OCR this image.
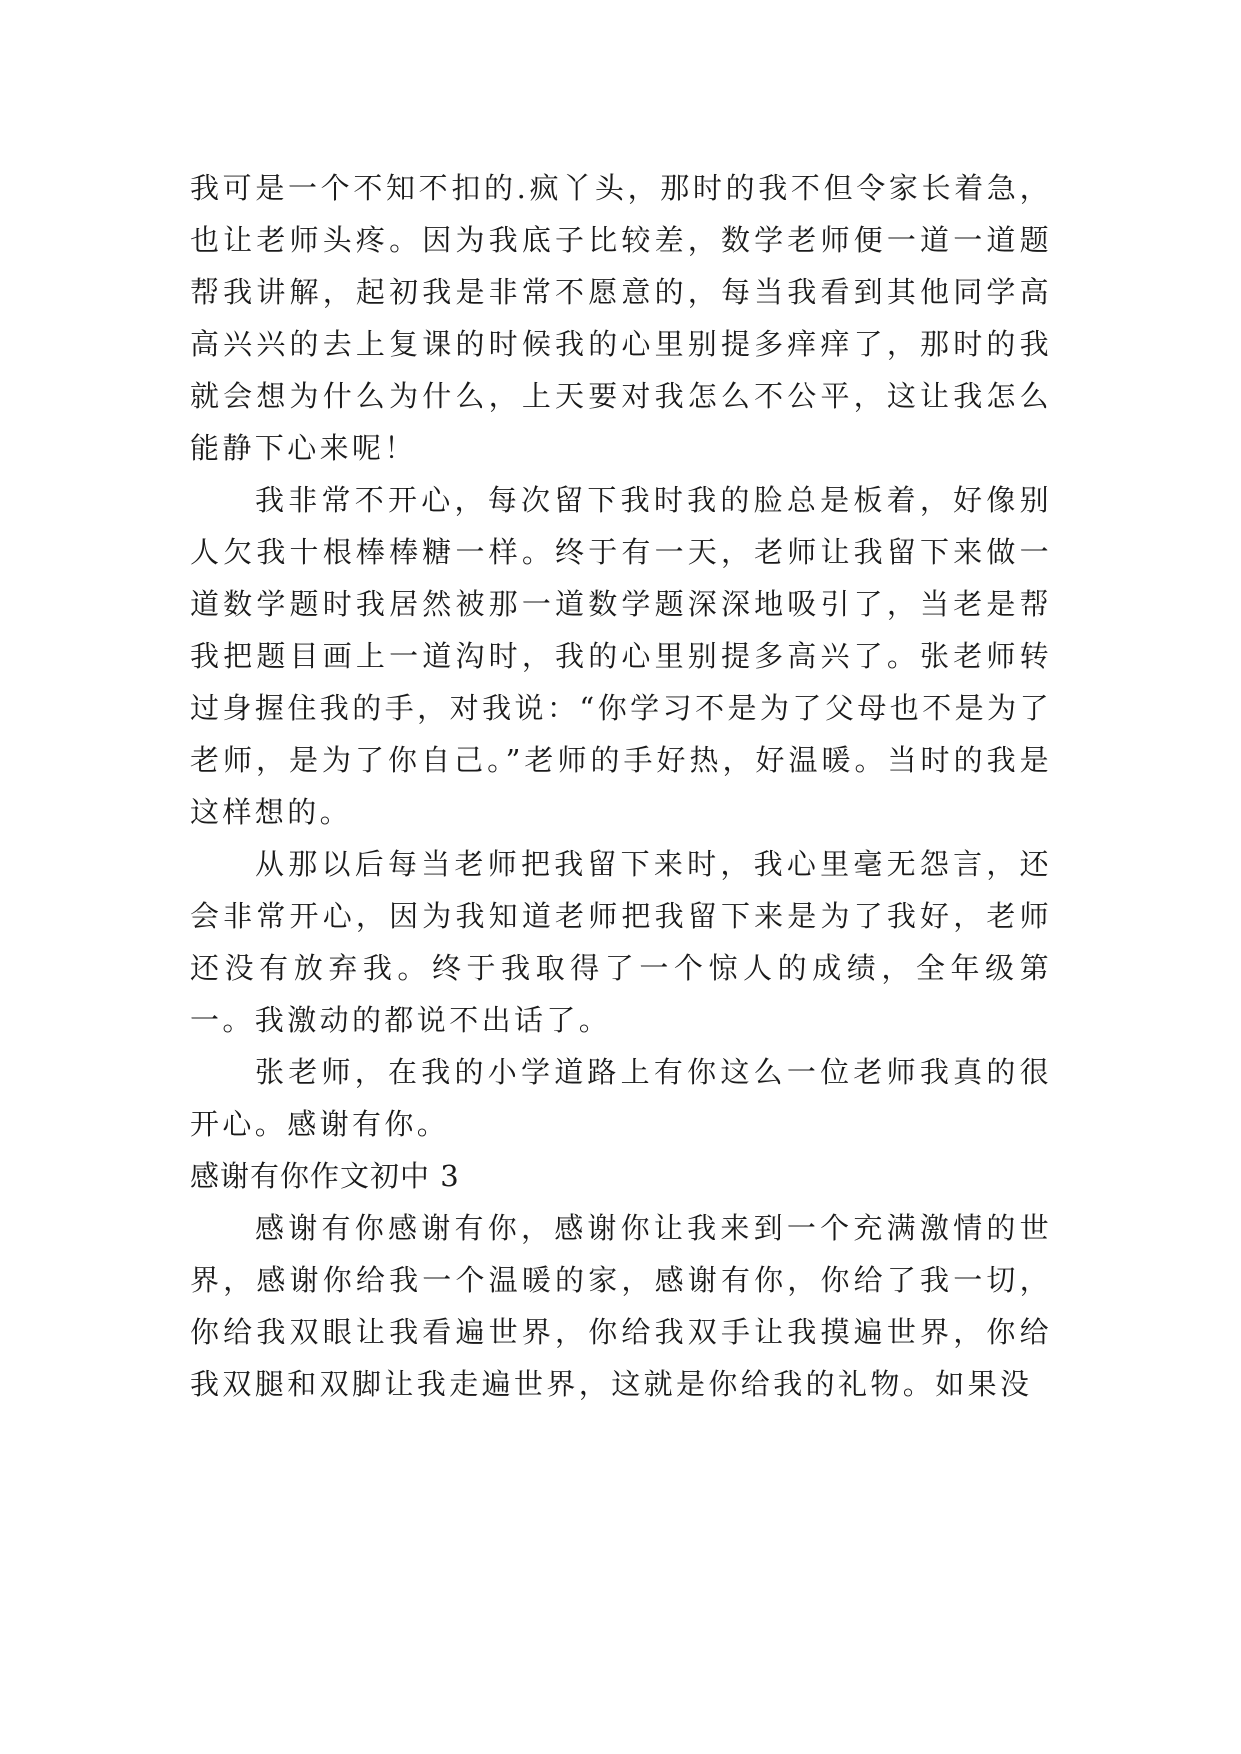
我可是一个不知不扣的.疯丫头，那时的我不但令家长着急，也让老师头疼。因为我底子比较差，数学老师便一道一道题帮我讲解，起初我是非常不愿意的，每当我看到其他同学高高兴兴的去上复课的时候我的心里别提多痒痒了，那时的我就会想为什么为什么，上天要对我怎么不公平，这让我怎么能静下心来呢！

我非常不开心，每次留下我时我的脸总是板着，好像别人欠我十根棒棒糖一样。终于有一天，老师让我留下来做一道数学题时我居然被那一道数学题深深地吸引了，当老是帮我把题目画上一道沟时，我的心里别提多高兴了。张老师转过身握住我的手，对我说：“你学习不是为了父母也不是为了老师，是为了你自己。”老师的手好热，好温暖。当时的我是这样想的。

从那以后每当老师把我留下来时，我心里毫无怨言，还会非常开心，因为我知道老师把我留下来是为了我好，老师还没有放弃我。终于我取得了一个惊人的成绩，全年级第一。我激动的都说不出话了。

张老师，在我的小学道路上有你这么一位老师我真的很开心。感谢有你。

感谢有你作文初中 3

感谢有你感谢有你，感谢你让我来到一个充满激情的世界，感谢你给我一个温暖的家，感谢有你，你给了我一切，你给我双眼让我看遍世界，你给我双手让我摸遍世界，你给我双腿和双脚让我走遍世界，这就是你给我的礼物。如果没
